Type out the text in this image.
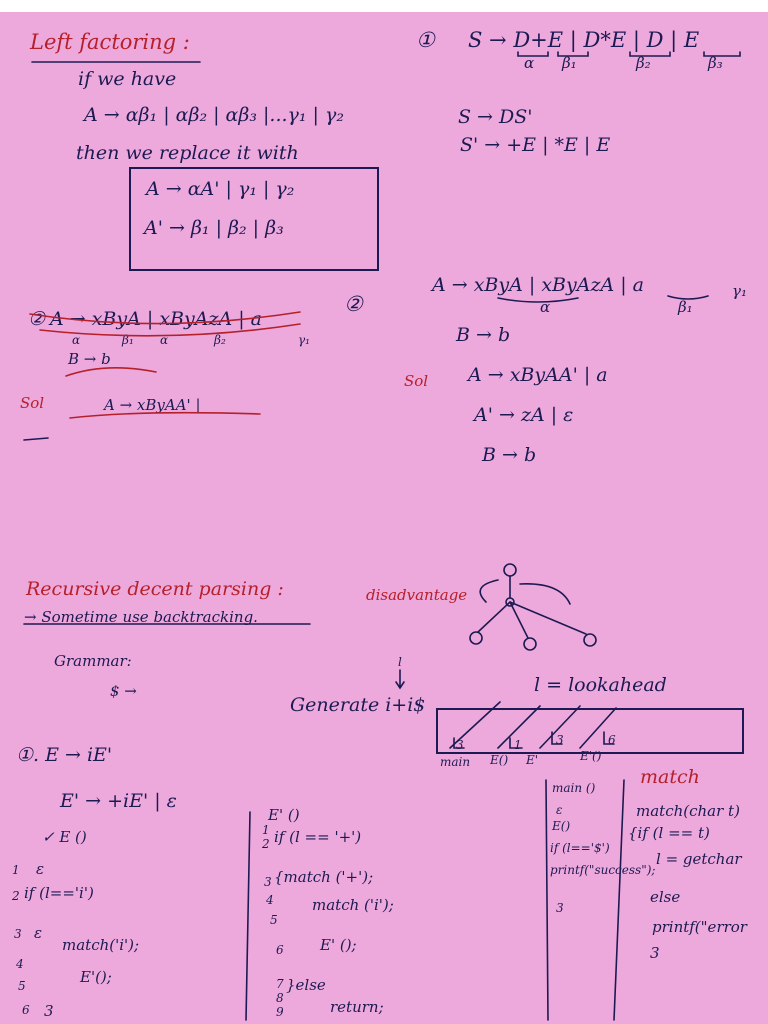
Left factoring :
if we have
A → αβ₁ | αβ₂ | αβ₃ |...γ₁ | γ₂
then we replace it with
A → αA' | γ₁ | γ₂
A' → β₁ | β₂ | β₃
① S → D+E | D*E | D | E
α β₁	β₂	β₃
S → DS'
S' → +E | *E | E
② A → xByA | xByAzA | a
α	β₁ α	β₂	γ₁
B → b
Sol	A → xByAA' |
②
A → xByA | xByAzA | a
α	β₁
γ₁
B → b
Sol A → xByAA' | a
A' → zA | ε
B → b
Recursive decent parsing :
→ Sometime use backtracking.
disadvantage
Grammar:
$ →
l
Generate i+i$
l = lookahead
3	1	3	6
main E() E'	E'()
①. E → iE'
E' → +iE' | ε
✓ E ()
ε
if (l=='i')
ε
match('i');
E'();
3
1
2
3
4
5
6
E' ()
if (l == '+')
{match ('+');
match ('i');
E' ();
}else
return;
1
2
3
4
5
6
7
8
9
main ()
ε
E()
if (l=='$')
printf("success");
3
match
match(char t)
{if (l == t)
l = getchar
else
printf("error
3
